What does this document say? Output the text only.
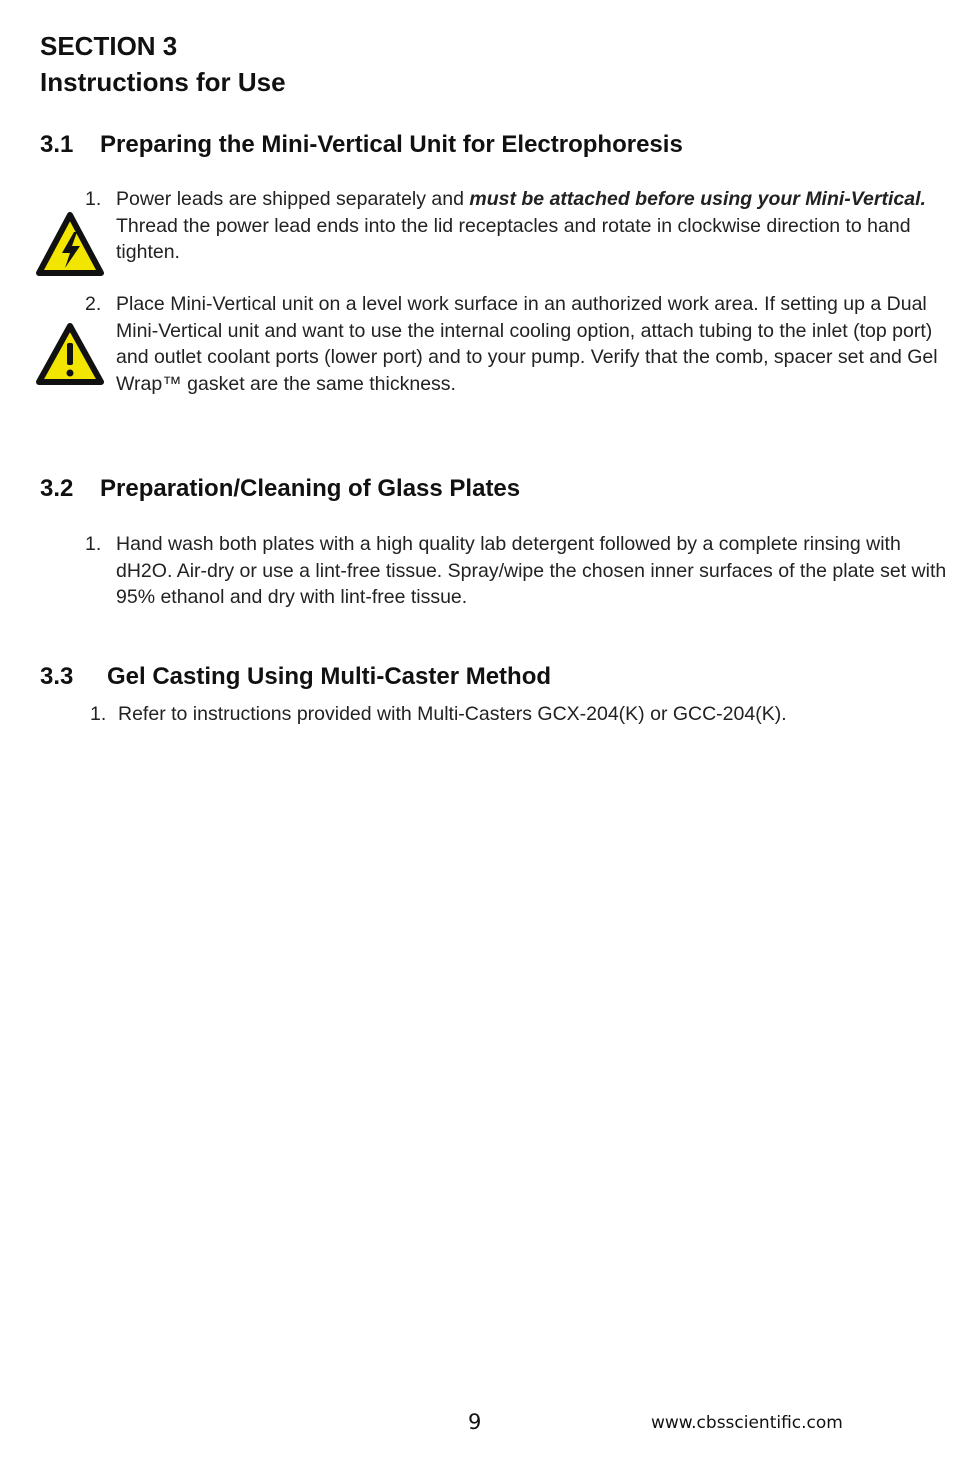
SECTION 3
Instructions for Use
3.1 Preparing the Mini-Vertical Unit for Electrophoresis
1. Power leads are shipped separately and must be attached before using your Mini-Vertical. Thread the power lead ends into the lid receptacles and rotate in clockwise direction to hand tighten.
2. Place Mini-Vertical unit on a level work surface in an authorized work area. If setting up a Dual Mini-Vertical unit and want to use the internal cooling option, attach tubing to the inlet (top port) and outlet coolant ports (lower port) and to your pump. Verify that the comb, spacer set and Gel Wrap™ gasket are the same thickness.
3.2 Preparation/Cleaning of Glass Plates
1. Hand wash both plates with a high quality lab detergent followed by a complete rinsing with dH2O. Air-dry or use a lint-free tissue. Spray/wipe the chosen inner surfaces of the plate set with 95% ethanol and dry with lint-free tissue.
3.3 Gel Casting Using Multi-Caster Method
1. Refer to instructions provided with Multi-Casters GCX-204(K) or GCC-204(K).
9	www.cbsscientific.com
